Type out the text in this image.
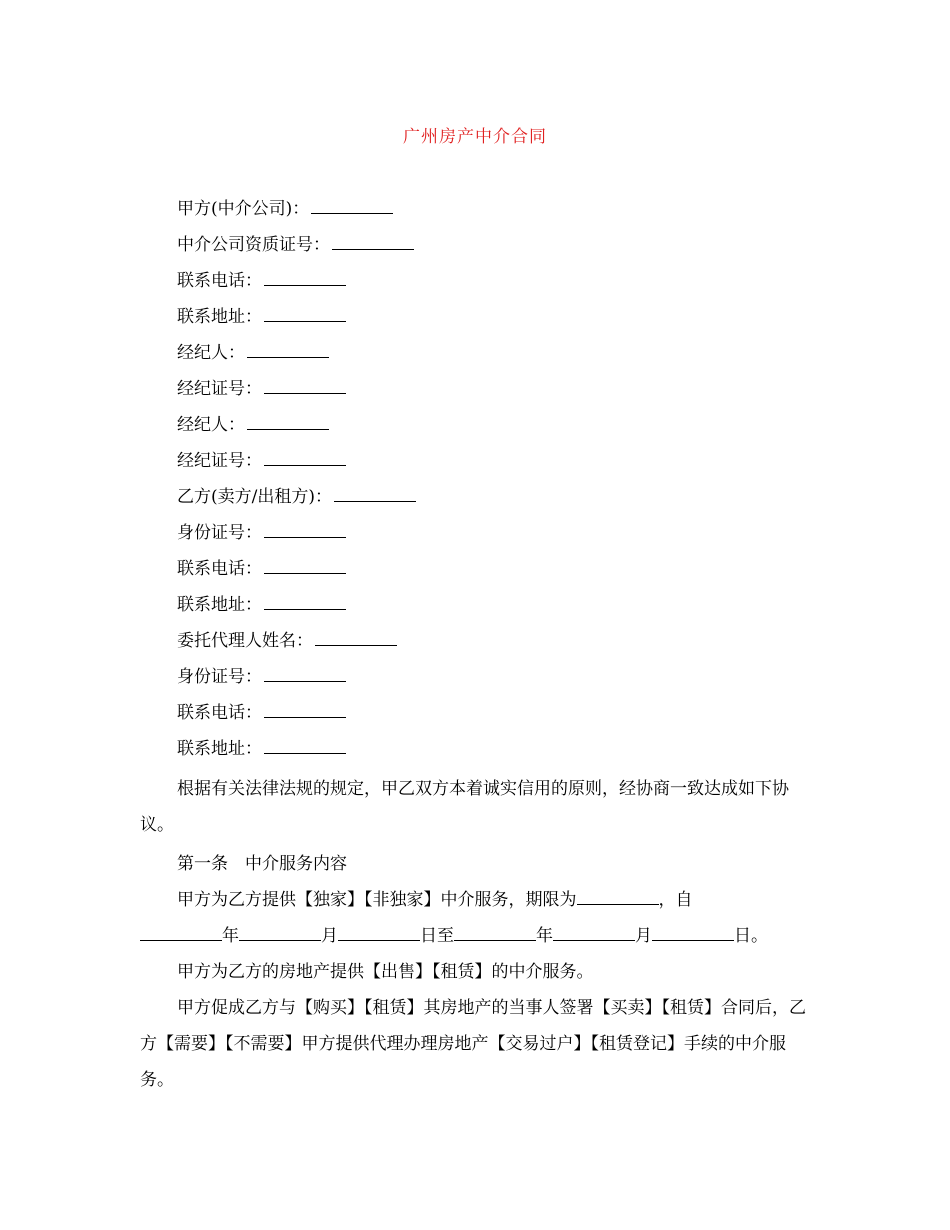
广州房产中介合同
甲方(中介公司)：
中介公司资质证号：
联系电话：
联系地址：
经纪人：
经纪证号：
经纪人：
经纪证号：
乙方(卖方/出租方)：
身份证号：
联系电话：
联系地址：
委托代理人姓名：
身份证号：
联系电话：
联系地址：

根据有关法律法规的规定，甲乙双方本着诚实信用的原则，经协商一致达成如下协议。

第一条　中介服务内容

甲方为乙方提供【独家】【非独家】中介服务，期限为	，自
年	月	日至	年	月	日。

甲方为乙方的房地产提供【出售】【租赁】的中介服务。

甲方促成乙方与【购买】【租赁】其房地产的当事人签署【买卖】【租赁】合同后，乙方【需要】【不需要】甲方提供代理办理房地产【交易过户】【租赁登记】手续的中介服务。
